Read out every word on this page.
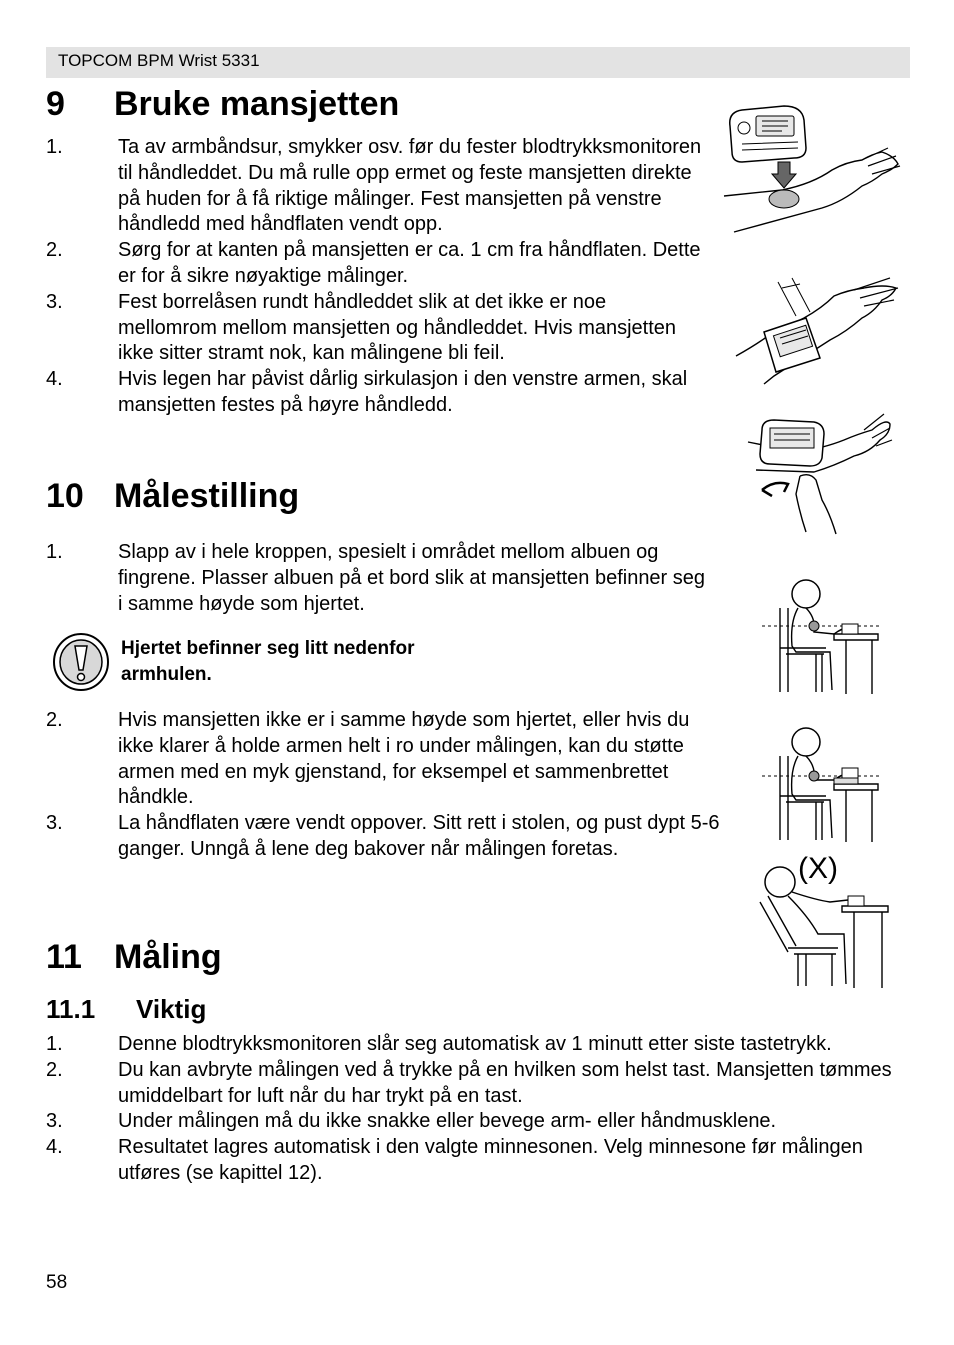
TOPCOM BPM Wrist 5331
9 Bruke mansjetten
1.	Ta av armbåndsur, smykker osv. før du fester blodtrykksmonitoren til håndleddet. Du må rulle opp ermet og feste mansjetten direkte på huden for å få riktige målinger. Fest mansjetten på venstre håndledd med håndflaten vendt opp.
2.	Sørg for at kanten på mansjetten er ca. 1 cm fra håndflaten. Dette er for å sikre nøyaktige målinger.
3.	Fest borrelåsen rundt håndleddet slik at det ikke er noe mellomrom mellom mansjetten og håndleddet. Hvis mansjetten ikke sitter stramt nok, kan målingene bli feil.
4.	Hvis legen har påvist dårlig sirkulasjon i den venstre armen, skal mansjetten festes på høyre håndledd.
10 Målestilling
1.	Slapp av i hele kroppen, spesielt i området mellom albuen og fingrene. Plasser albuen på et bord slik at mansjetten befinner seg i samme høyde som hjertet.
Hjertet befinner seg litt nedenfor armhulen.
2.	Hvis mansjetten ikke er i samme høyde som hjertet, eller hvis du ikke klarer å holde armen helt i ro under målingen, kan du støtte armen med en myk gjenstand, for eksempel et sammenbrettet håndkle.
3.	La håndflaten være vendt oppover. Sitt rett i stolen, og pust dypt 5-6 ganger. Unngå å lene deg bakover når målingen foretas.
11 Måling
11.1 Viktig
1.	Denne blodtrykksmonitoren slår seg automatisk av 1 minutt etter siste tastetrykk.
2.	Du kan avbryte målingen ved å trykke på en hvilken som helst tast. Mansjetten tømmes umiddelbart for luft når du har trykt på en tast.
3.	Under målingen må du ikke snakke eller bevege arm- eller håndmusklene.
4.	Resultatet lagres automatisk i den valgte minnesonen. Velg minnesone før målingen utføres (se kapittel 12).
(X)
58
